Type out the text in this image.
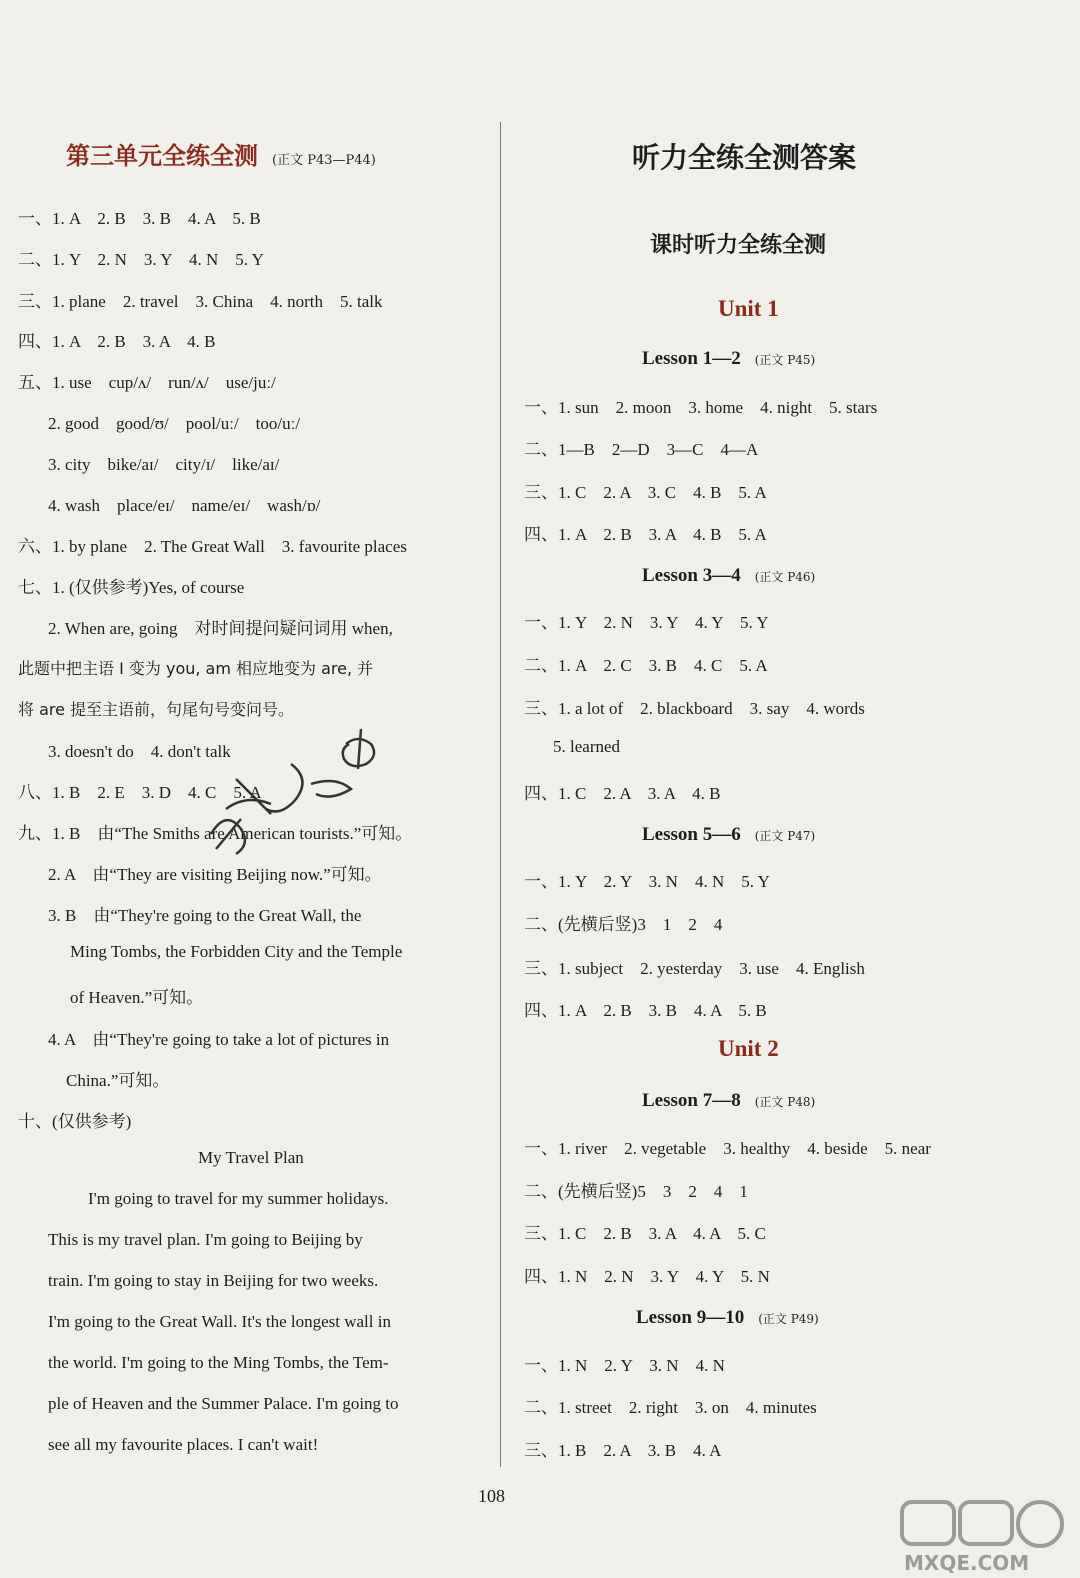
第三单元全练全测 (正文 P43—P44)
一、1. A　2. B　3. B　4. A　5. B
二、1. Y　2. N　3. Y　4. N　5. Y
三、1. plane　2. travel　3. China　4. north　5. talk
四、1. A　2. B　3. A　4. B
五、1. use　cup/ʌ/　run/ʌ/　use/juː/
2. good　good/ʊ/　pool/uː/　too/uː/
3. city　bike/aɪ/　city/ɪ/　like/aɪ/
4. wash　place/eɪ/　name/eɪ/　wash/ɒ/
六、1. by plane　2. The Great Wall　3. favourite places
七、1. (仅供参考)Yes, of course
2. When are, going　对时间提问疑问词用 when,
此题中把主语 I 变为 you, am 相应地变为 are, 并
将 are 提至主语前，句尾句号变问号。
3. doesn't do　4. don't talk
八、1. B　2. E　3. D　4. C　5. A
九、1. B　由“The Smiths are American tourists.”可知。
2. A　由“They are visiting Beijing now.”可知。
3. B　由“They're going to the Great Wall, the
Ming Tombs, the Forbidden City and the Temple
of Heaven.”可知。
4. A　由“They're going to take a lot of pictures in
China.”可知。
十、(仅供参考)
My Travel Plan
I'm going to travel for my summer holidays.
This is my travel plan. I'm going to Beijing by
train. I'm going to stay in Beijing for two weeks.
I'm going to the Great Wall. It's the longest wall in
the world. I'm going to the Ming Tombs, the Tem-
ple of Heaven and the Summer Palace. I'm going to
see all my favourite places. I can't wait!
听力全练全测答案
课时听力全练全测
Unit 1
Lesson 1—2 (正文 P45)
一、1. sun　2. moon　3. home　4. night　5. stars
二、1—B　2—D　3—C　4—A
三、1. C　2. A　3. C　4. B　5. A
四、1. A　2. B　3. A　4. B　5. A
Lesson 3—4 (正文 P46)
一、1. Y　2. N　3. Y　4. Y　5. Y
二、1. A　2. C　3. B　4. C　5. A
三、1. a lot of　2. blackboard　3. say　4. words
5. learned
四、1. C　2. A　3. A　4. B
Lesson 5—6 (正文 P47)
一、1. Y　2. Y　3. N　4. N　5. Y
二、(先横后竖)3　1　2　4
三、1. subject　2. yesterday　3. use　4. English
四、1. A　2. B　3. B　4. A　5. B
Unit 2
Lesson 7—8 (正文 P48)
一、1. river　2. vegetable　3. healthy　4. beside　5. near
二、(先横后竖)5　3　2　4　1
三、1. C　2. B　3. A　4. A　5. C
四、1. N　2. N　3. Y　4. Y　5. N
Lesson 9—10 (正文 P49)
一、1. N　2. Y　3. N　4. N
二、1. street　2. right　3. on　4. minutes
三、1. B　2. A　3. B　4. A
108
MXQE.COM
